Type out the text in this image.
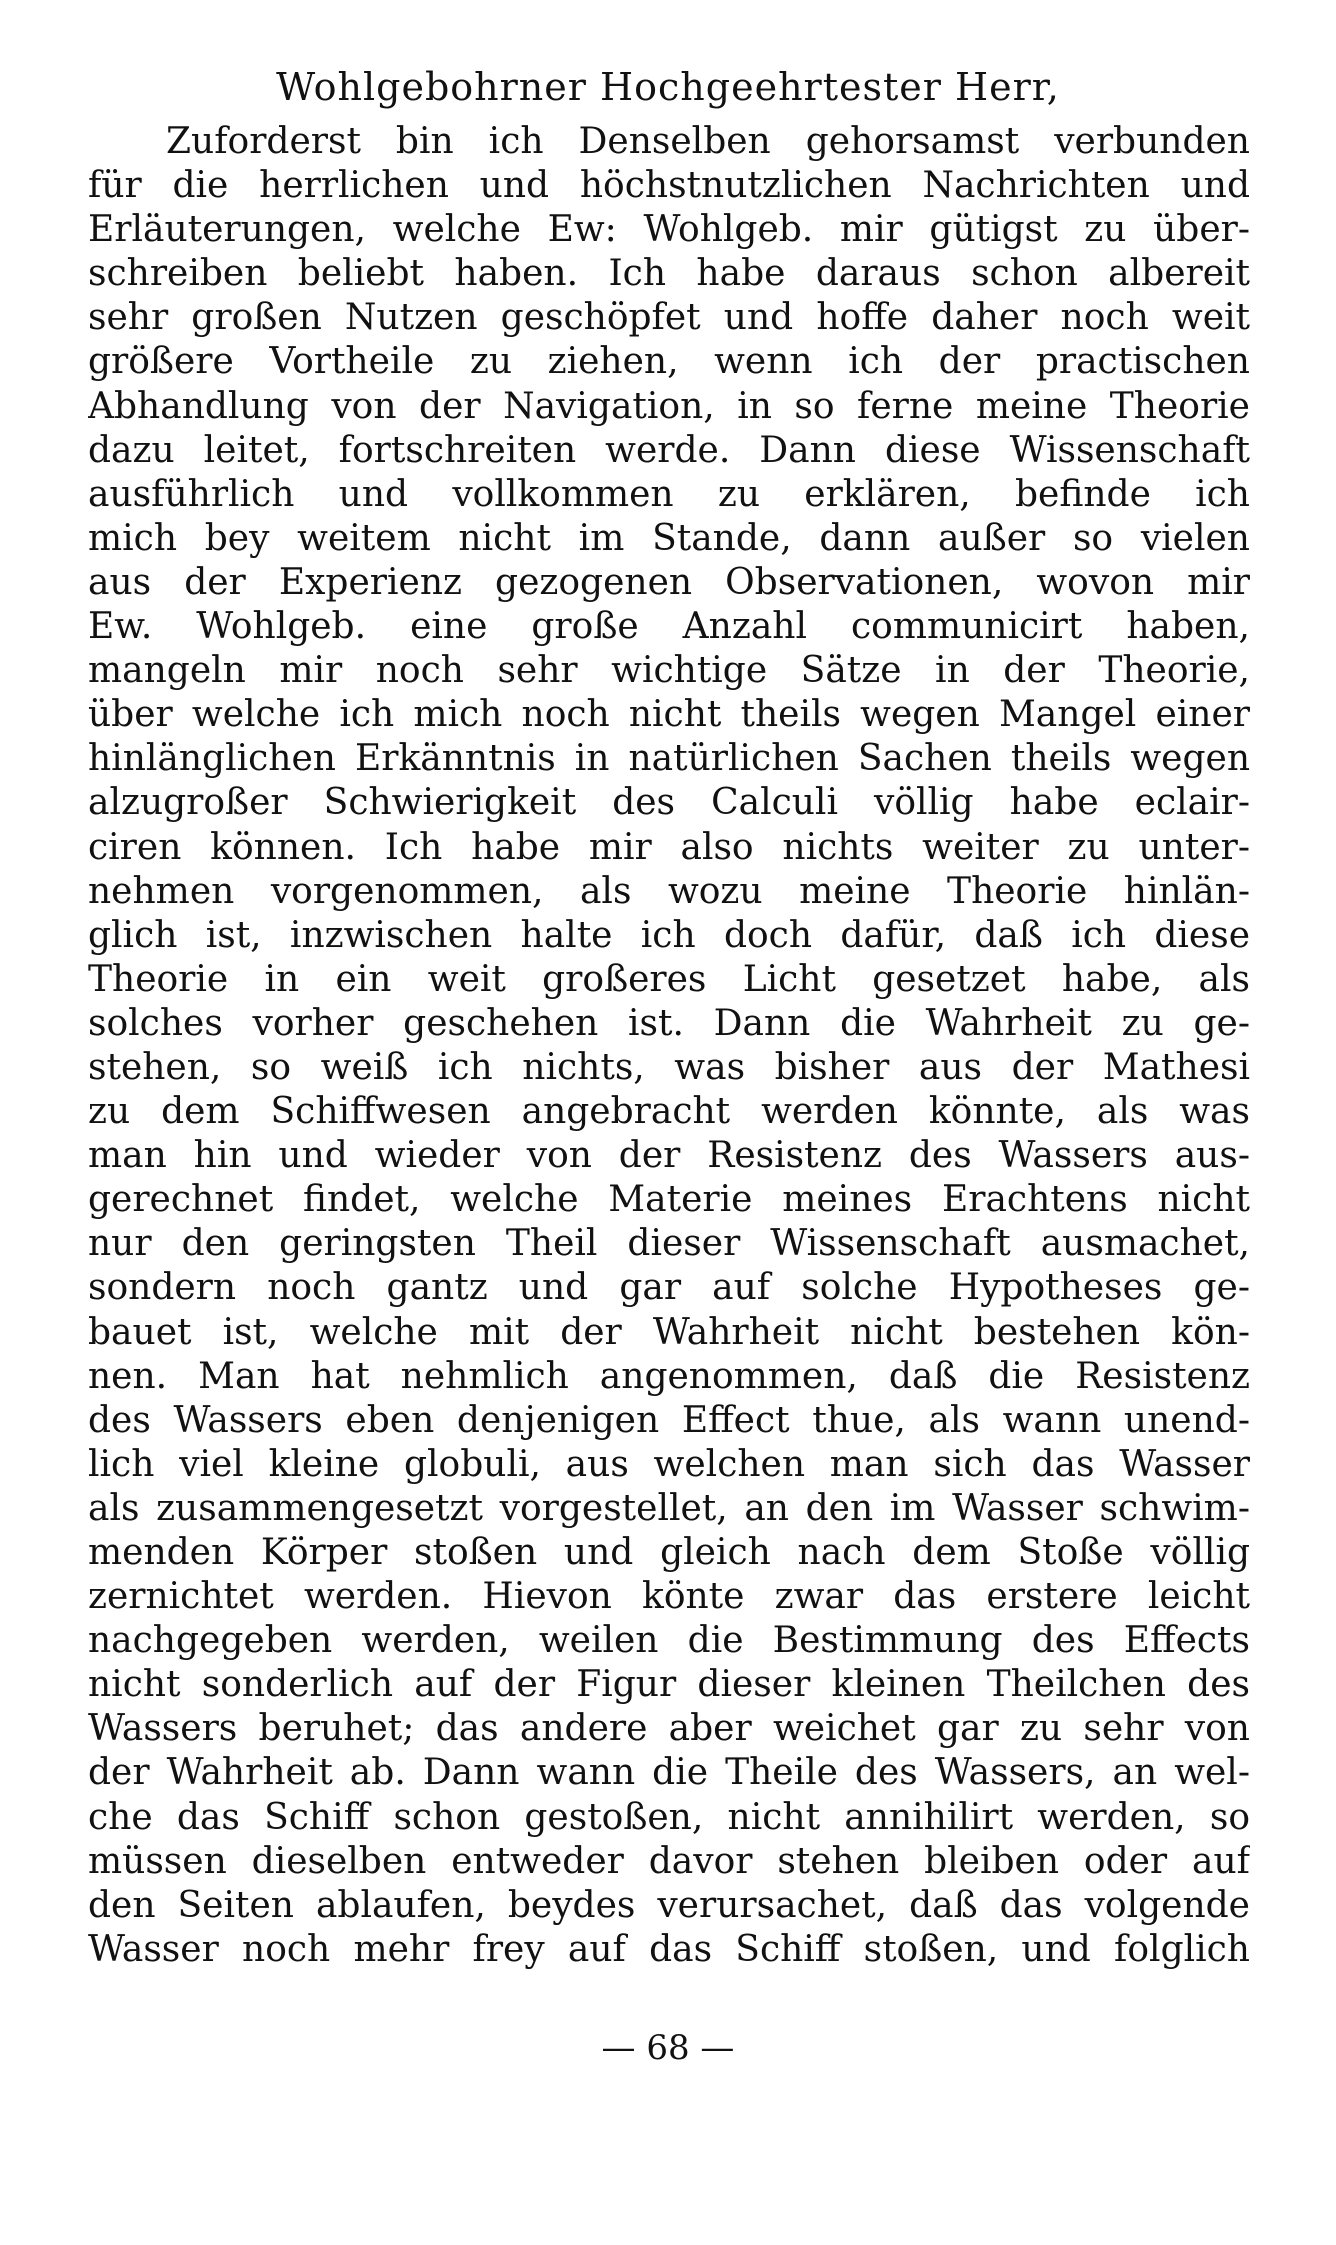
Wohlgebohrner Hochgeehrtester Herr,
Zuforderst bin ich Denselben gehorsamst verbunden
für die herrlichen und höchstnutzlichen Nachrichten und
Erläuterungen, welche Ew: Wohlgeb. mir gütigst zu über-
schreiben beliebt haben. Ich habe daraus schon albereit
sehr großen Nutzen geschöpfet und hoffe daher noch weit
größere Vortheile zu ziehen, wenn ich der practischen
Abhandlung von der Navigation, in so ferne meine Theorie
dazu leitet, fortschreiten werde. Dann diese Wissenschaft
ausführlich und vollkommen zu erklären, befinde ich
mich bey weitem nicht im Stande, dann außer so vielen
aus der Experienz gezogenen Observationen, wovon mir
Ew. Wohlgeb. eine große Anzahl communicirt haben,
mangeln mir noch sehr wichtige Sätze in der Theorie,
über welche ich mich noch nicht theils wegen Mangel einer
hinlänglichen Erkänntnis in natürlichen Sachen theils wegen
alzugroßer Schwierigkeit des Calculi völlig habe eclair-
ciren können. Ich habe mir also nichts weiter zu unter-
nehmen vorgenommen, als wozu meine Theorie hinlän-
glich ist, inzwischen halte ich doch dafür, daß ich diese
Theorie in ein weit großeres Licht gesetzet habe, als
solches vorher geschehen ist. Dann die Wahrheit zu ge-
stehen, so weiß ich nichts, was bisher aus der Mathesi
zu dem Schiffwesen angebracht werden könnte, als was
man hin und wieder von der Resistenz des Wassers aus-
gerechnet findet, welche Materie meines Erachtens nicht
nur den geringsten Theil dieser Wissenschaft ausmachet,
sondern noch gantz und gar auf solche Hypotheses ge-
bauet ist, welche mit der Wahrheit nicht bestehen kön-
nen. Man hat nehmlich angenommen, daß die Resistenz
des Wassers eben denjenigen Effect thue, als wann unend-
lich viel kleine globuli, aus welchen man sich das Wasser
als zusammengesetzt vorgestellet, an den im Wasser schwim-
menden Körper stoßen und gleich nach dem Stoße völlig
zernichtet werden. Hievon könte zwar das erstere leicht
nachgegeben werden, weilen die Bestimmung des Effects
nicht sonderlich auf der Figur dieser kleinen Theilchen des
Wassers beruhet; das andere aber weichet gar zu sehr von
der Wahrheit ab. Dann wann die Theile des Wassers, an wel-
che das Schiff schon gestoßen, nicht annihilirt werden, so
müssen dieselben entweder davor stehen bleiben oder auf
den Seiten ablaufen, beydes verursachet, daß das volgende
Wasser noch mehr frey auf das Schiff stoßen, und folglich
— 68 —
